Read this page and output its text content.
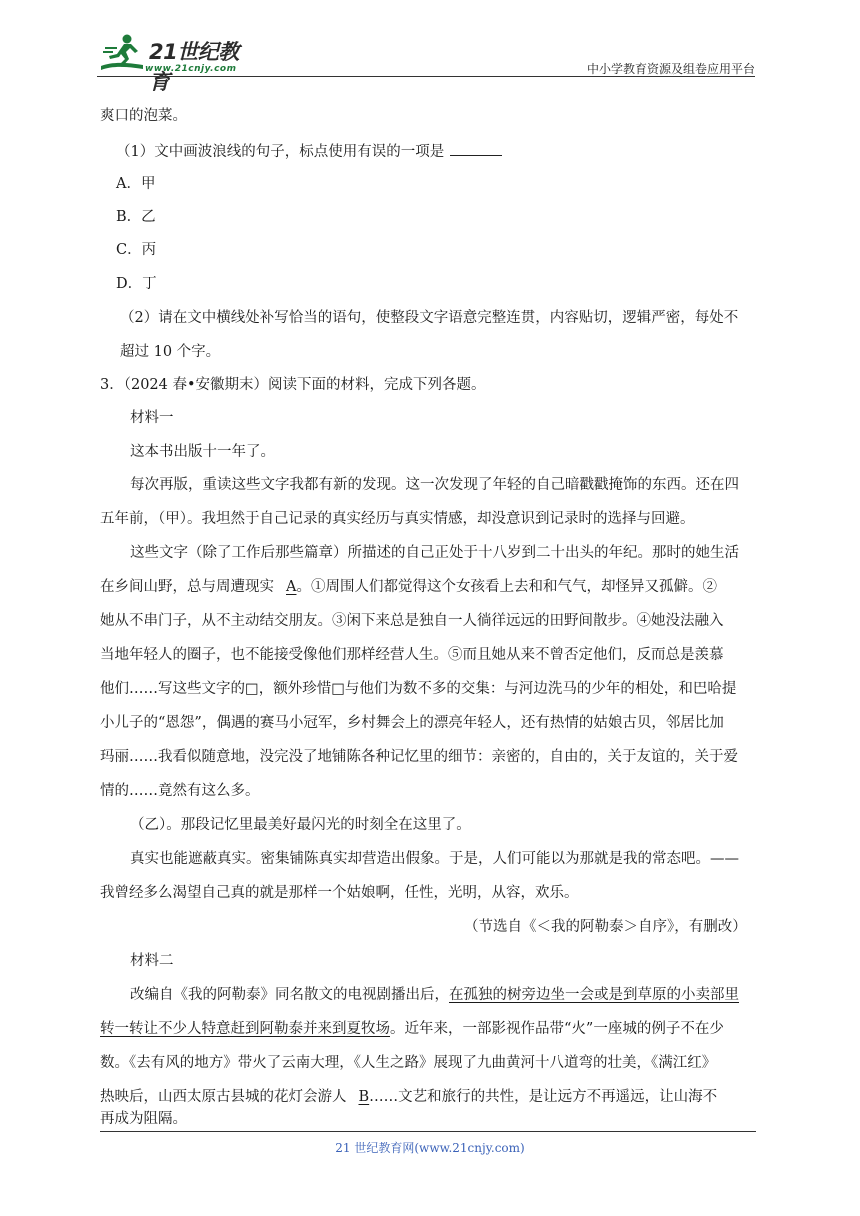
21世纪教育
www.21cnjy.com	中小学教育资源及组卷应用平台
爽口的泡菜。
（1）文中画波浪线的句子，标点使用有误的一项是
A．甲
B．乙
C．丙
D．丁
（2）请在文中横线处补写恰当的语句，使整段文字语意完整连贯，内容贴切，逻辑严密，每处不
超过 10 个字。
3．（2024 春•安徽期末）阅读下面的材料，完成下列各题。
材料一
这本书出版十一年了。
每次再版，重读这些文字我都有新的发现。这一次发现了年轻的自己暗戳戳掩饰的东西。还在四
五年前，（甲）。我坦然于自己记录的真实经历与真实情感，却没意识到记录时的选择与回避。
这些文字（除了工作后那些篇章）所描述的自己正处于十八岁到二十出头的年纪。那时的她生活
在乡间山野，总与周遭现实 A。①周围人们都觉得这个女孩看上去和和气气，却怪异又孤僻。②
她从不串门子，从不主动结交朋友。③闲下来总是独自一人徜徉远远的田野间散步。④她没法融入
当地年轻人的圈子，也不能接受像他们那样经营人生。⑤而且她从来不曾否定他们，反而总是羡慕
他们……写这些文字的□，额外珍惜□与他们为数不多的交集：与河边洗马的少年的相处，和巴哈提
小儿子的“恩怨”，偶遇的赛马小冠军，乡村舞会上的漂亮年轻人，还有热情的姑娘古贝，邻居比加
玛丽……我看似随意地，没完没了地铺陈各种记忆里的细节：亲密的，自由的，关于友谊的，关于爱
情的……竟然有这么多。
（乙）。那段记忆里最美好最闪光的时刻全在这里了。
真实也能遮蔽真实。密集铺陈真实却营造出假象。于是，人们可能以为那就是我的常态吧。——
我曾经多么渴望自己真的就是那样一个姑娘啊，任性，光明，从容，欢乐。
（节选自《＜我的阿勒泰＞自序》，有删改）
材料二
改编自《我的阿勒泰》同名散文的电视剧播出后，在孤独的树旁边坐一会或是到草原的小卖部里
转一转让不少人特意赶到阿勒泰并来到夏牧场。近年来，一部影视作品带“火”一座城的例子不在少
数。《去有风的地方》带火了云南大理，《人生之路》展现了九曲黄河十八道弯的壮美，《满江红》
热映后，山西太原古县城的花灯会游人 B……文艺和旅行的共性，是让远方不再遥远，让山海不
再成为阻隔。
21 世纪教育网(www.21cnjy.com)
